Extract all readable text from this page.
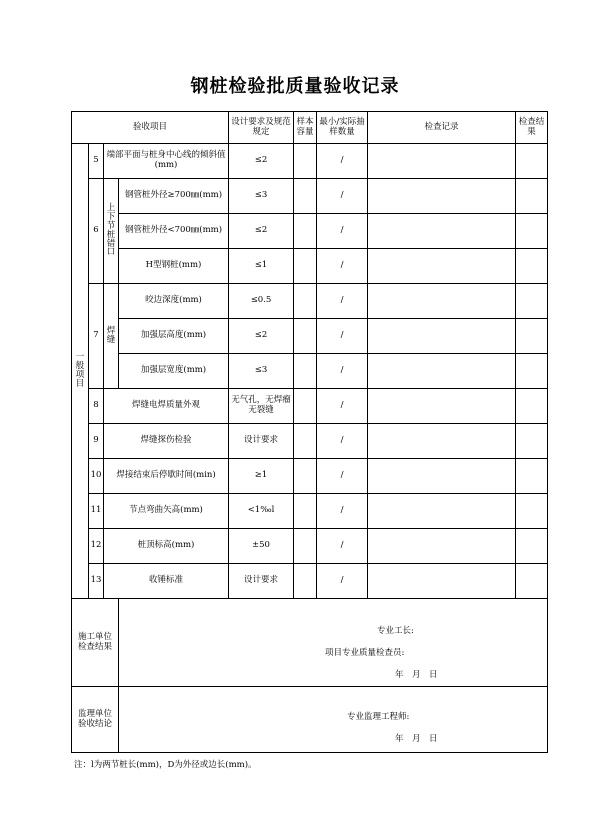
钢桩检验批质量验收记录
验收项目				设计要求及规范规定	样本容量	最小/实际抽样数量	检查记录	检查结果
一般项目	5	端部平面与桩身中心线的倾斜值(mm)		≤2		/		
	6	上下节桩错口	钢管桩外径≥700㎜(mm)	≤3		/		
			钢管桩外径<700㎜(mm)	≤2		/		
			H型钢桩(mm)	≤1		/		
	7	焊缝	咬边深度(mm)	≤0.5		/		
			加强层高度(mm)	≤2		/		
			加强层宽度(mm)	≤3		/		
	8	焊缝电焊质量外观		无气孔，无焊瘤无裂缝		/		
	9	焊缝探伤检验		设计要求		/		
	10	焊接结束后停歇时间(min)		≥1		/		
	11	节点弯曲矢高(mm)		<1‰l		/		
	12	桩顶标高(mm)		±50		/		
	13	收锤标准		设计要求		/		
施工单位检查结果			专业工长:
项目专业质量检查员:
年　月　日					

监理单位验收结论			专业监理工程师:
年　月　日					
注：l为两节桩长(mm)，D为外径或边长(mm)。
